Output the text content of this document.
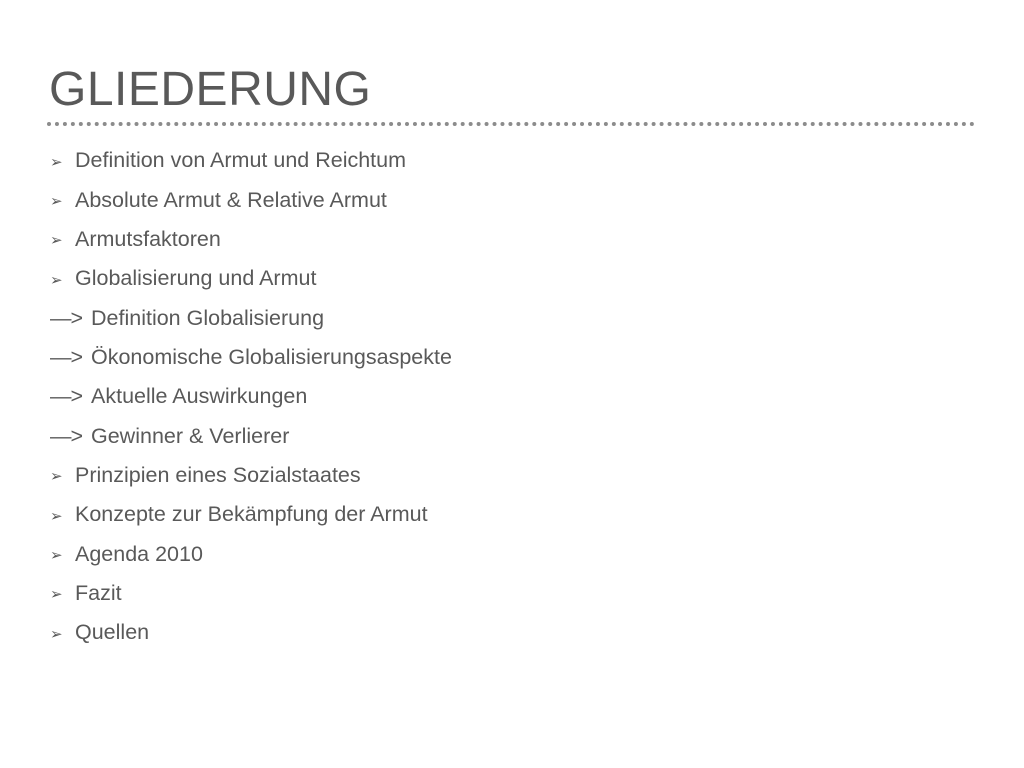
GLIEDERUNG
➢ Definition von Armut und Reichtum
➢ Absolute Armut & Relative Armut
➢ Armutsfaktoren
➢ Globalisierung und Armut
—> Definition Globalisierung
—> Ökonomische Globalisierungsaspekte
—> Aktuelle Auswirkungen
—> Gewinner & Verlierer
➢ Prinzipien eines Sozialstaates
➢ Konzepte zur Bekämpfung der Armut
➢ Agenda 2010
➢ Fazit
➢ Quellen
